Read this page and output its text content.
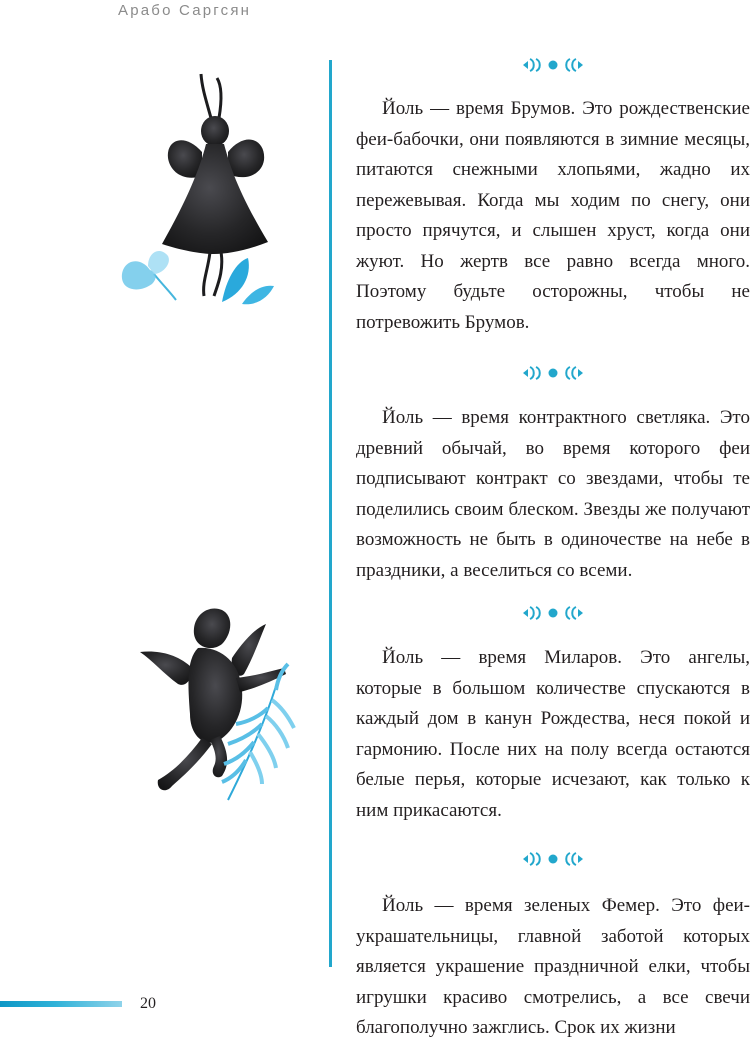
Арабо Саргсян

Йоль — время Брумов. Это рождественские феи-бабочки, они появляются в зимние месяцы, питаются снежными хлопьями, жадно их пережевывая. Когда мы ходим по снегу, они просто прячутся, и слышен хруст, когда они жуют. Но жертв все равно всегда много. Поэтому будьте осторожны, чтобы не потревожить Брумов.

Йоль — время контрактного светляка. Это древний обычай, во время которого феи подписывают контракт со звездами, чтобы те поделились своим блеском. Звезды же получают возможность не быть в одиночестве на небе в праздники, а веселиться со всеми.

Йоль — время Миларов. Это ангелы, которые в большом количестве спускаются в каждый дом в канун Рождества, неся покой и гармонию. После них на полу всегда остаются белые перья, которые исчезают, как только к ним прикасаются.

Йоль — время зеленых Фемер. Это феи-украшательницы, главной заботой которых является украшение праздничной елки, чтобы игрушки красиво смотрелись, а все свечи благополучно зажглись. Срок их жизни

20
